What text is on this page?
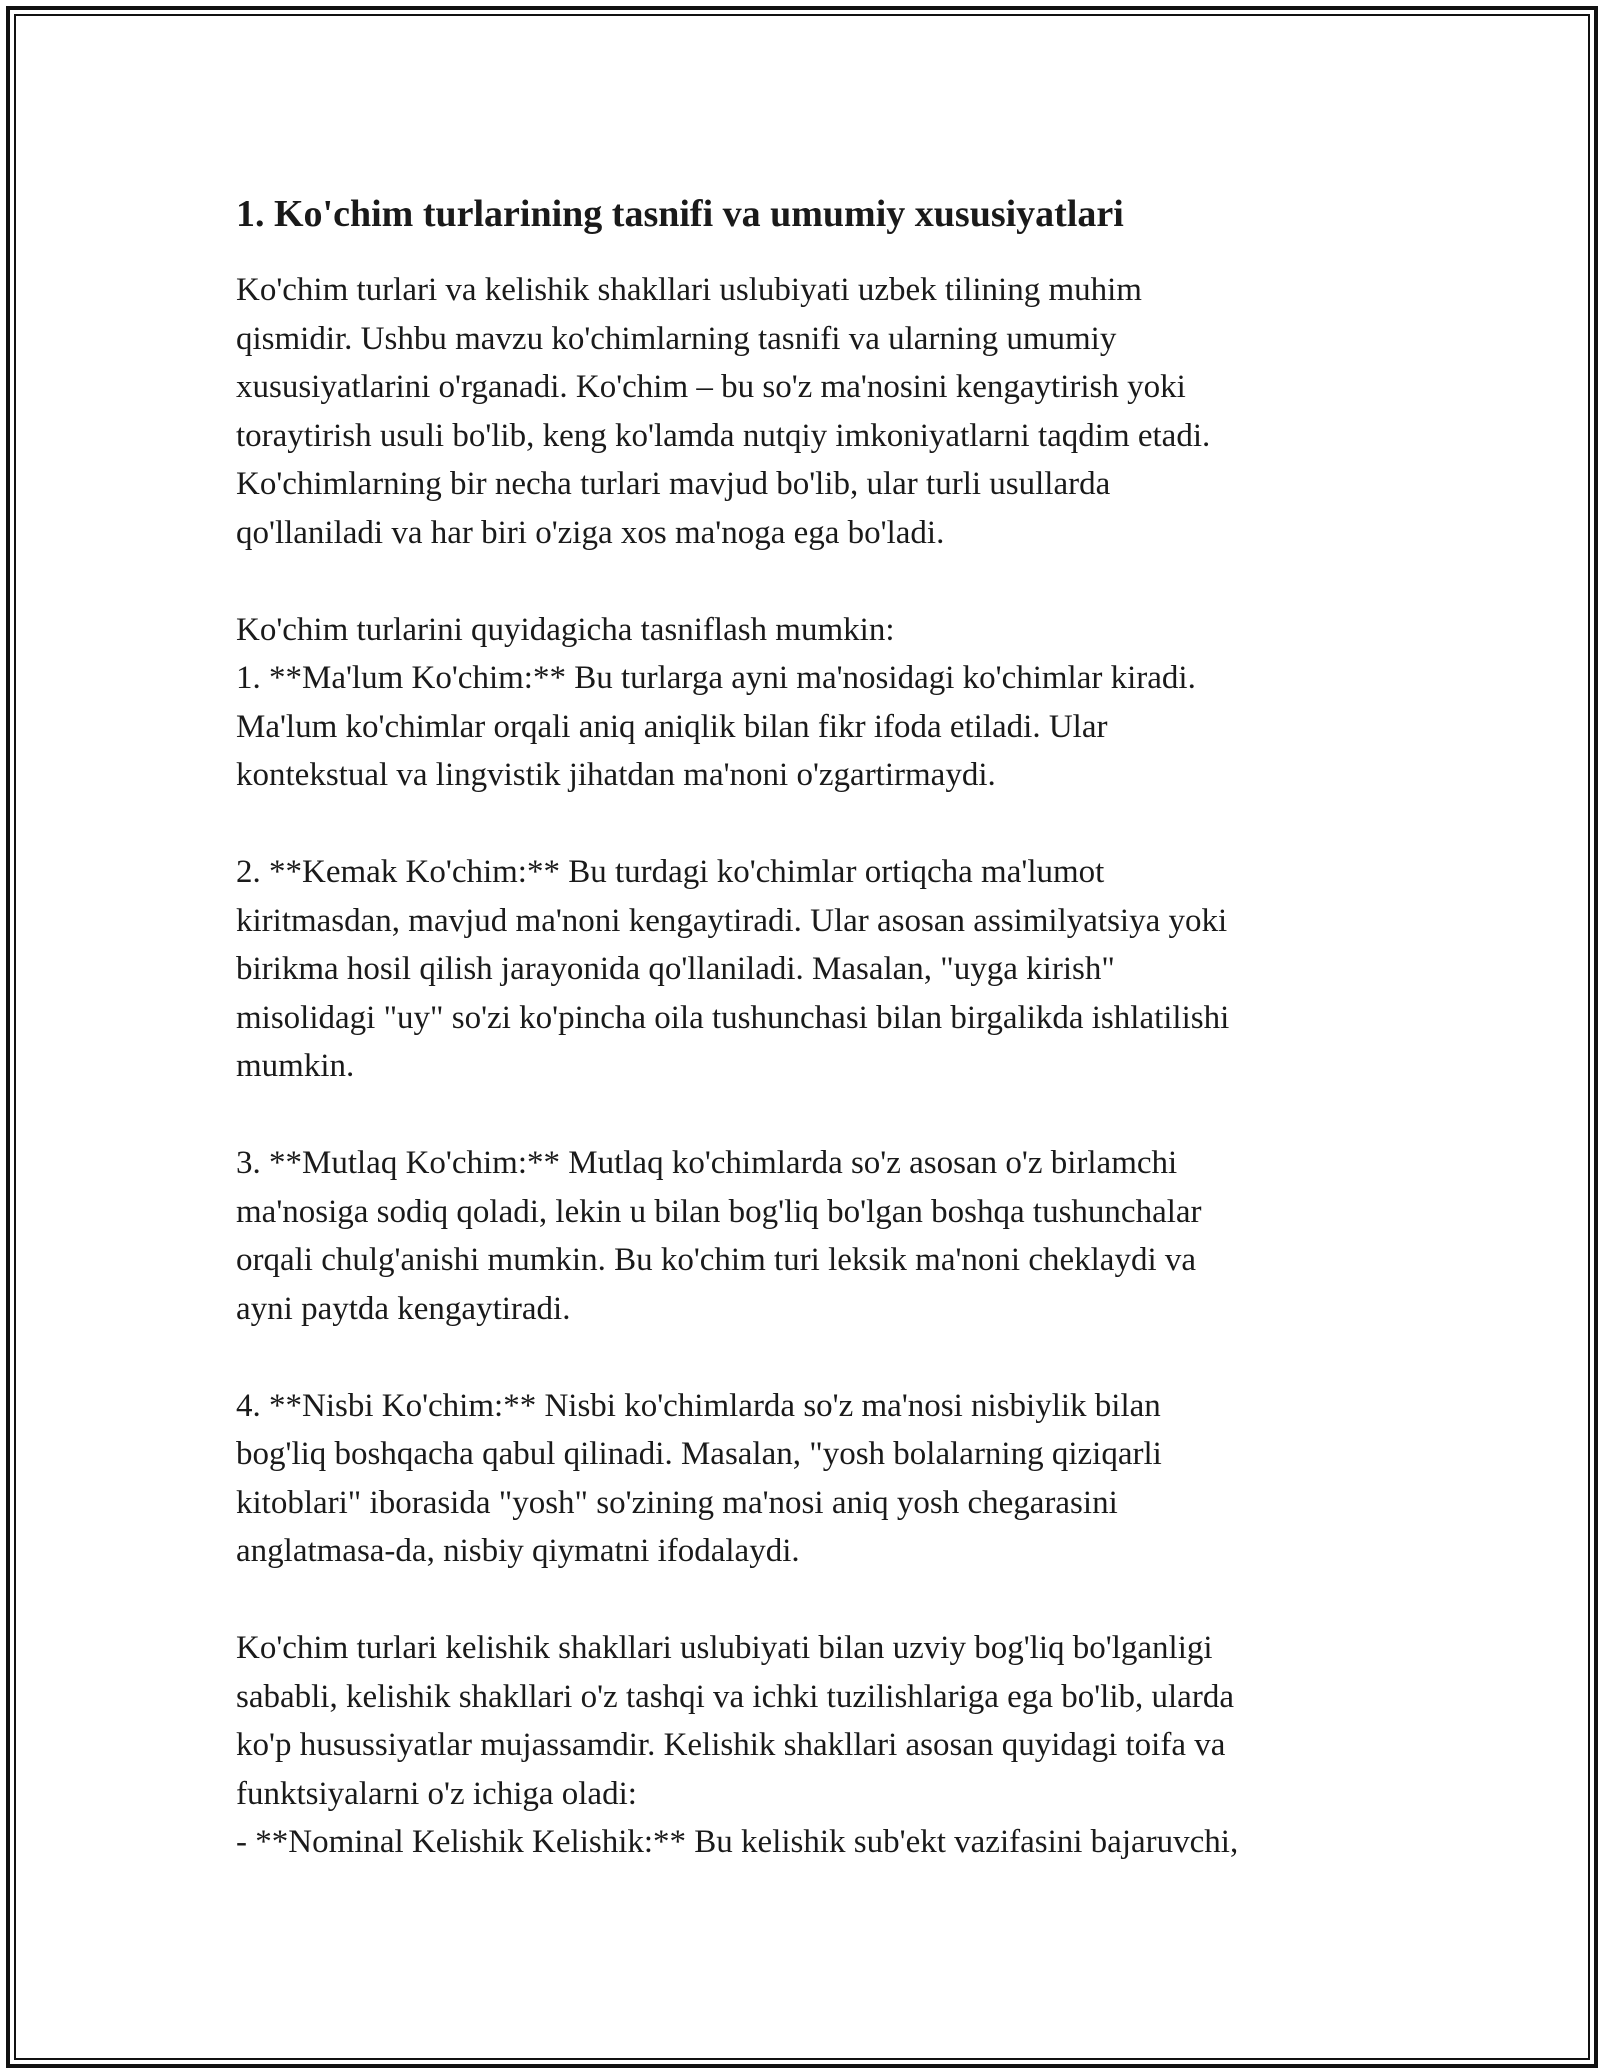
1. Ko'chim turlarining tasnifi va umumiy xususiyatlari

Ko'chim turlari va kelishik shakllari uslubiyati uzbek tilining muhim
qismidir. Ushbu mavzu ko'chimlarning tasnifi va ularning umumiy
xususiyatlarini o'rganadi. Ko'chim – bu so'z ma'nosini kengaytirish yoki
toraytirish usuli bo'lib, keng ko'lamda nutqiy imkoniyatlarni taqdim etadi.
Ko'chimlarning bir necha turlari mavjud bo'lib, ular turli usullarda
qo'llaniladi va har biri o'ziga xos ma'noga ega bo'ladi.

Ko'chim turlarini quyidagicha tasniflash mumkin:
1. **Ma'lum Ko'chim:** Bu turlarga ayni ma'nosidagi ko'chimlar kiradi.
Ma'lum ko'chimlar orqali aniq aniqlik bilan fikr ifoda etiladi. Ular
kontekstual va lingvistik jihatdan ma'noni o'zgartirmaydi.

2. **Kemak Ko'chim:** Bu turdagi ko'chimlar ortiqcha ma'lumot
kiritmasdan, mavjud ma'noni kengaytiradi. Ular asosan assimilyatsiya yoki
birikma hosil qilish jarayonida qo'llaniladi. Masalan, "uyga kirish"
misolidagi "uy" so'zi ko'pincha oila tushunchasi bilan birgalikda ishlatilishi
mumkin.

3. **Mutlaq Ko'chim:** Mutlaq ko'chimlarda so'z asosan o'z birlamchi
ma'nosiga sodiq qoladi, lekin u bilan bog'liq bo'lgan boshqa tushunchalar
orqali chulg'anishi mumkin. Bu ko'chim turi leksik ma'noni cheklaydi va
ayni paytda kengaytiradi.

4. **Nisbi Ko'chim:** Nisbi ko'chimlarda so'z ma'nosi nisbiylik bilan
bog'liq boshqacha qabul qilinadi. Masalan, "yosh bolalarning qiziqarli
kitoblari" iborasida "yosh" so'zining ma'nosi aniq yosh chegarasini
anglatmasa-da, nisbiy qiymatni ifodalaydi.

Ko'chim turlari kelishik shakllari uslubiyati bilan uzviy bog'liq bo'lganligi
sababli, kelishik shakllari o'z tashqi va ichki tuzilishlariga ega bo'lib, ularda
ko'p husussiyatlar mujassamdir. Kelishik shakllari asosan quyidagi toifa va
funktsiyalarni o'z ichiga oladi:
- **Nominal Kelishik Kelishik:** Bu kelishik sub'ekt vazifasini bajaruvchi,
